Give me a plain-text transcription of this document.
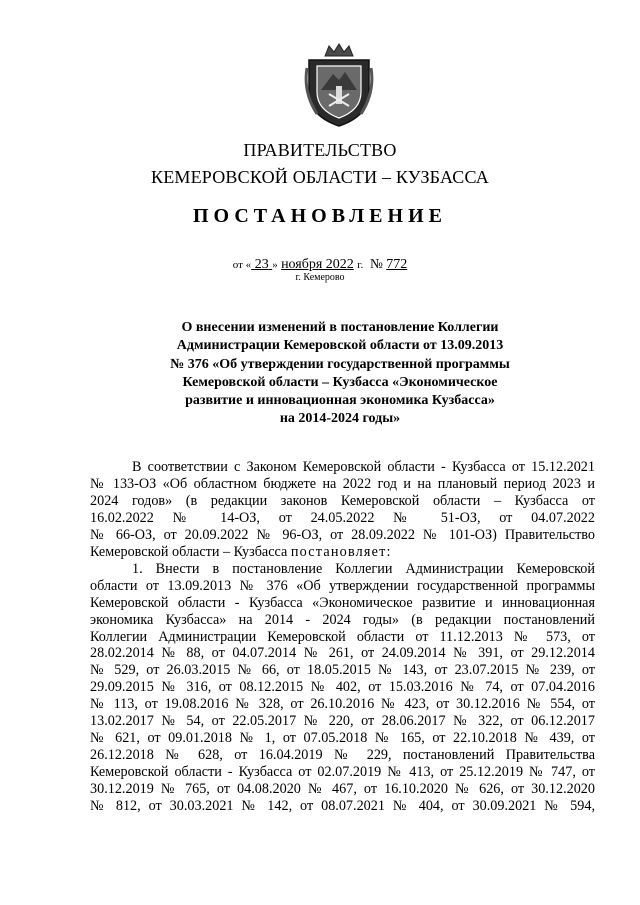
ПРАВИТЕЛЬСТВО
КЕМЕРОВСКОЙ ОБЛАСТИ – КУЗБАССА
ПОСТАНОВЛЕНИЕ
от « 23 » ноября 2022 г. № 772
г. Кемерово
О внесении изменений в постановление Коллегии
Администрации Кемеровской области от 13.09.2013
№ 376 «Об утверждении государственной программы
Кемеровской области – Кузбасса «Экономическое
развитие и инновационная экономика Кузбасса»
на 2014-2024 годы»
В соответствии с Законом Кемеровской области - Кузбасса от 15.12.2021
№ 133-ОЗ «Об областном бюджете на 2022 год и на плановый период 2023 и
2024 годов» (в редакции законов Кемеровской области – Кузбасса от
16.02.2022 № 14-ОЗ, от 24.05.2022 № 51-ОЗ, от 04.07.2022
№ 66-ОЗ, от 20.09.2022 № 96-ОЗ, от 28.09.2022 № 101-ОЗ) Правительство
Кемеровской области – Кузбасса постановляет:
1. Внести в постановление Коллегии Администрации Кемеровской
области от 13.09.2013 № 376 «Об утверждении государственной программы
Кемеровской области - Кузбасса «Экономическое развитие и инновационная
экономика Кузбасса» на 2014 - 2024 годы» (в редакции постановлений
Коллегии Администрации Кемеровской области от 11.12.2013 № 573, от
28.02.2014 № 88, от 04.07.2014 № 261, от 24.09.2014 № 391, от 29.12.2014
№ 529, от 26.03.2015 № 66, от 18.05.2015 № 143, от 23.07.2015 № 239, от
29.09.2015 № 316, от 08.12.2015 № 402, от 15.03.2016 № 74, от 07.04.2016
№ 113, от 19.08.2016 № 328, от 26.10.2016 № 423, от 30.12.2016 № 554, от
13.02.2017 № 54, от 22.05.2017 № 220, от 28.06.2017 № 322, от 06.12.2017
№ 621, от 09.01.2018 № 1, от 07.05.2018 № 165, от 22.10.2018 № 439, от
26.12.2018 № 628, от 16.04.2019 № 229, постановлений Правительства
Кемеровской области - Кузбасса от 02.07.2019 № 413, от 25.12.2019 № 747, от
30.12.2019 № 765, от 04.08.2020 № 467, от 16.10.2020 № 626, от 30.12.2020
№ 812, от 30.03.2021 № 142, от 08.07.2021 № 404, от 30.09.2021 № 594,
